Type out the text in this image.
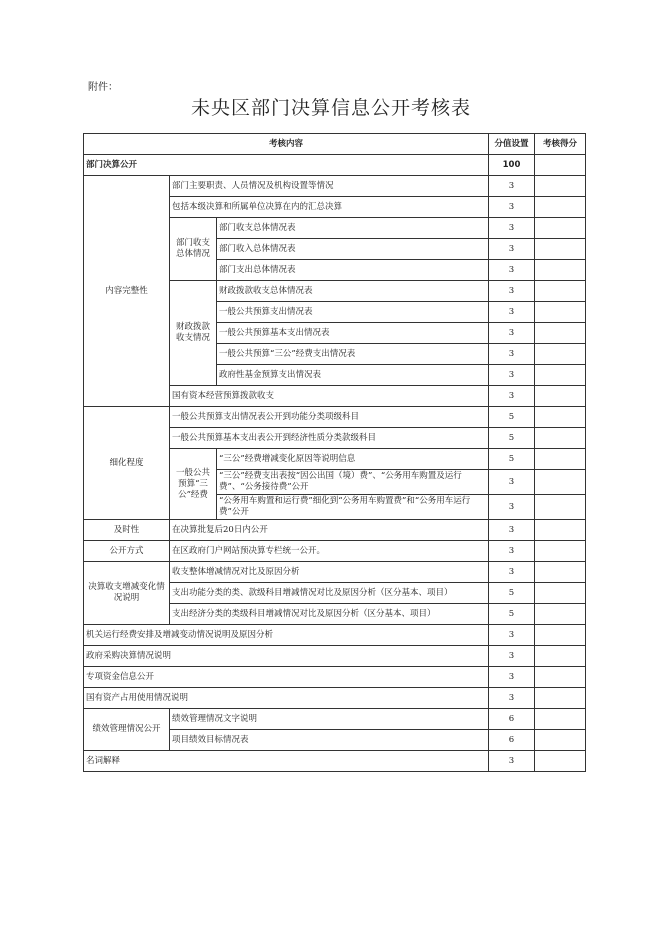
附件：
未央区部门决算信息公开考核表
考核内容			分值设置	考核得分
部门决算公开			100	
内容完整性	部门主要职责、人员情况及机构设置等情况		3	
	包括本级决算和所属单位决算在内的汇总决算		3	
	部门收支总体情况	部门收支总体情况表	3	
		部门收入总体情况表	3	
		部门支出总体情况表	3	
	财政拨款收支情况	财政拨款收支总体情况表	3	
		一般公共预算支出情况表	3	
		一般公共预算基本支出情况表	3	
		一般公共预算“三公”经费支出情况表	3	
		政府性基金预算支出情况表	3	
	国有资本经营预算拨款收支		3	
细化程度	一般公共预算支出情况表公开到功能分类项级科目		5	
	一般公共预算基本支出表公开到经济性质分类款级科目		5	
	一般公共预算“三公”经费	“三公”经费增减变化原因等说明信息	5	
		“三公”经费支出表按“因公出国（境）费”、“公务用车购置及运行费”、“公务接待费”公开	3	
		“公务用车购置和运行费”细化到“公务用车购置费”和“公务用车运行费”公开	3	
及时性	在决算批复后20日内公开		3	
公开方式	在区政府门户网站预决算专栏统一公开。		3	
决算收支增减变化情况说明	收支整体增减情况对比及原因分析		3	
	支出功能分类的类、款级科目增减情况对比及原因分析（区分基本、项目）		5	
	支出经济分类的类级科目增减情况对比及原因分析（区分基本、项目）		5	
机关运行经费安排及增减变动情况说明及原因分析			3	
政府采购决算情况说明			3	
专项资金信息公开			3	
国有资产占用使用情况说明			3	
绩效管理情况公开	绩效管理情况文字说明		6	
	项目绩效目标情况表		6	
名词解释			3	
